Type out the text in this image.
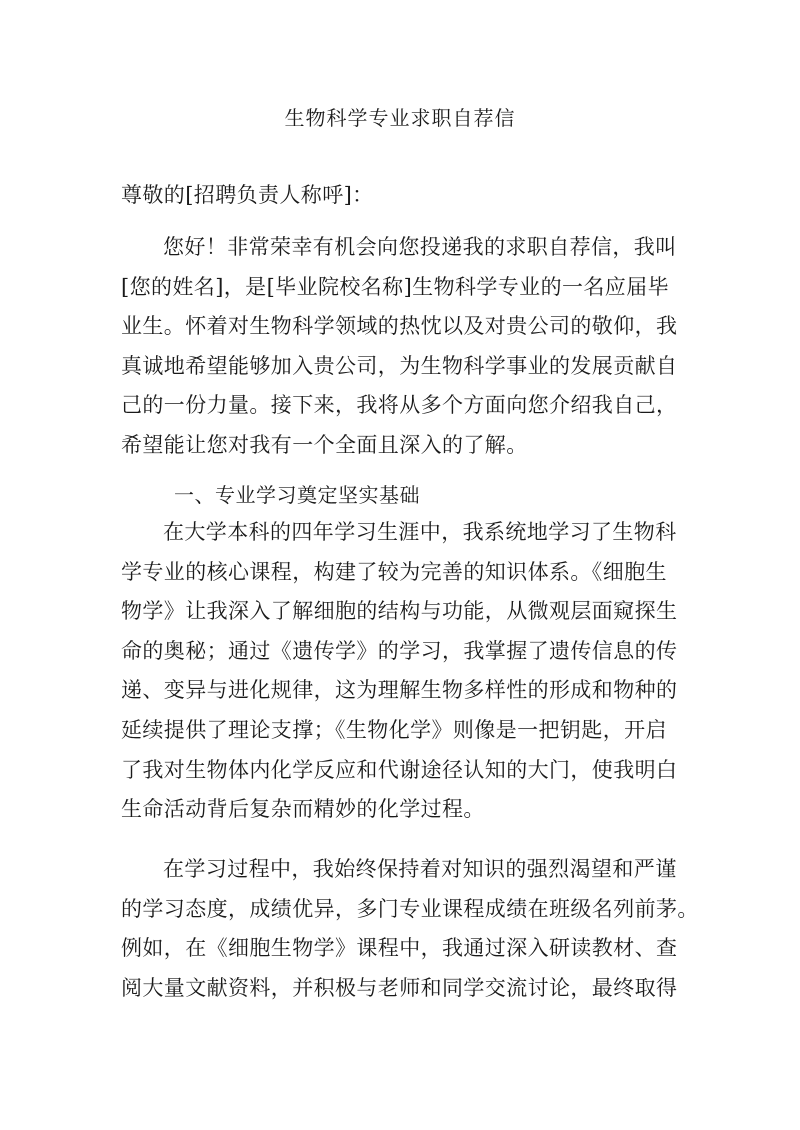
生物科学专业求职自荐信
尊敬的[招聘负责人称呼]：
您好！非常荣幸有机会向您投递我的求职自荐信，我叫
[您的姓名]，是[毕业院校名称]生物科学专业的一名应届毕
业生。怀着对生物科学领域的热忱以及对贵公司的敬仰，我
真诚地希望能够加入贵公司，为生物科学事业的发展贡献自
己的一份力量。接下来，我将从多个方面向您介绍我自己，
希望能让您对我有一个全面且深入的了解。
一、专业学习奠定坚实基础
在大学本科的四年学习生涯中，我系统地学习了生物科
学专业的核心课程，构建了较为完善的知识体系。《细胞生
物学》让我深入了解细胞的结构与功能，从微观层面窥探生
命的奥秘；通过《遗传学》的学习，我掌握了遗传信息的传
递、变异与进化规律，这为理解生物多样性的形成和物种的
延续提供了理论支撑；《生物化学》则像是一把钥匙，开启
了我对生物体内化学反应和代谢途径认知的大门，使我明白
生命活动背后复杂而精妙的化学过程。
在学习过程中，我始终保持着对知识的强烈渴望和严谨
的学习态度，成绩优异，多门专业课程成绩在班级名列前茅。
例如，在《细胞生物学》课程中，我通过深入研读教材、查
阅大量文献资料，并积极与老师和同学交流讨论，最终取得
